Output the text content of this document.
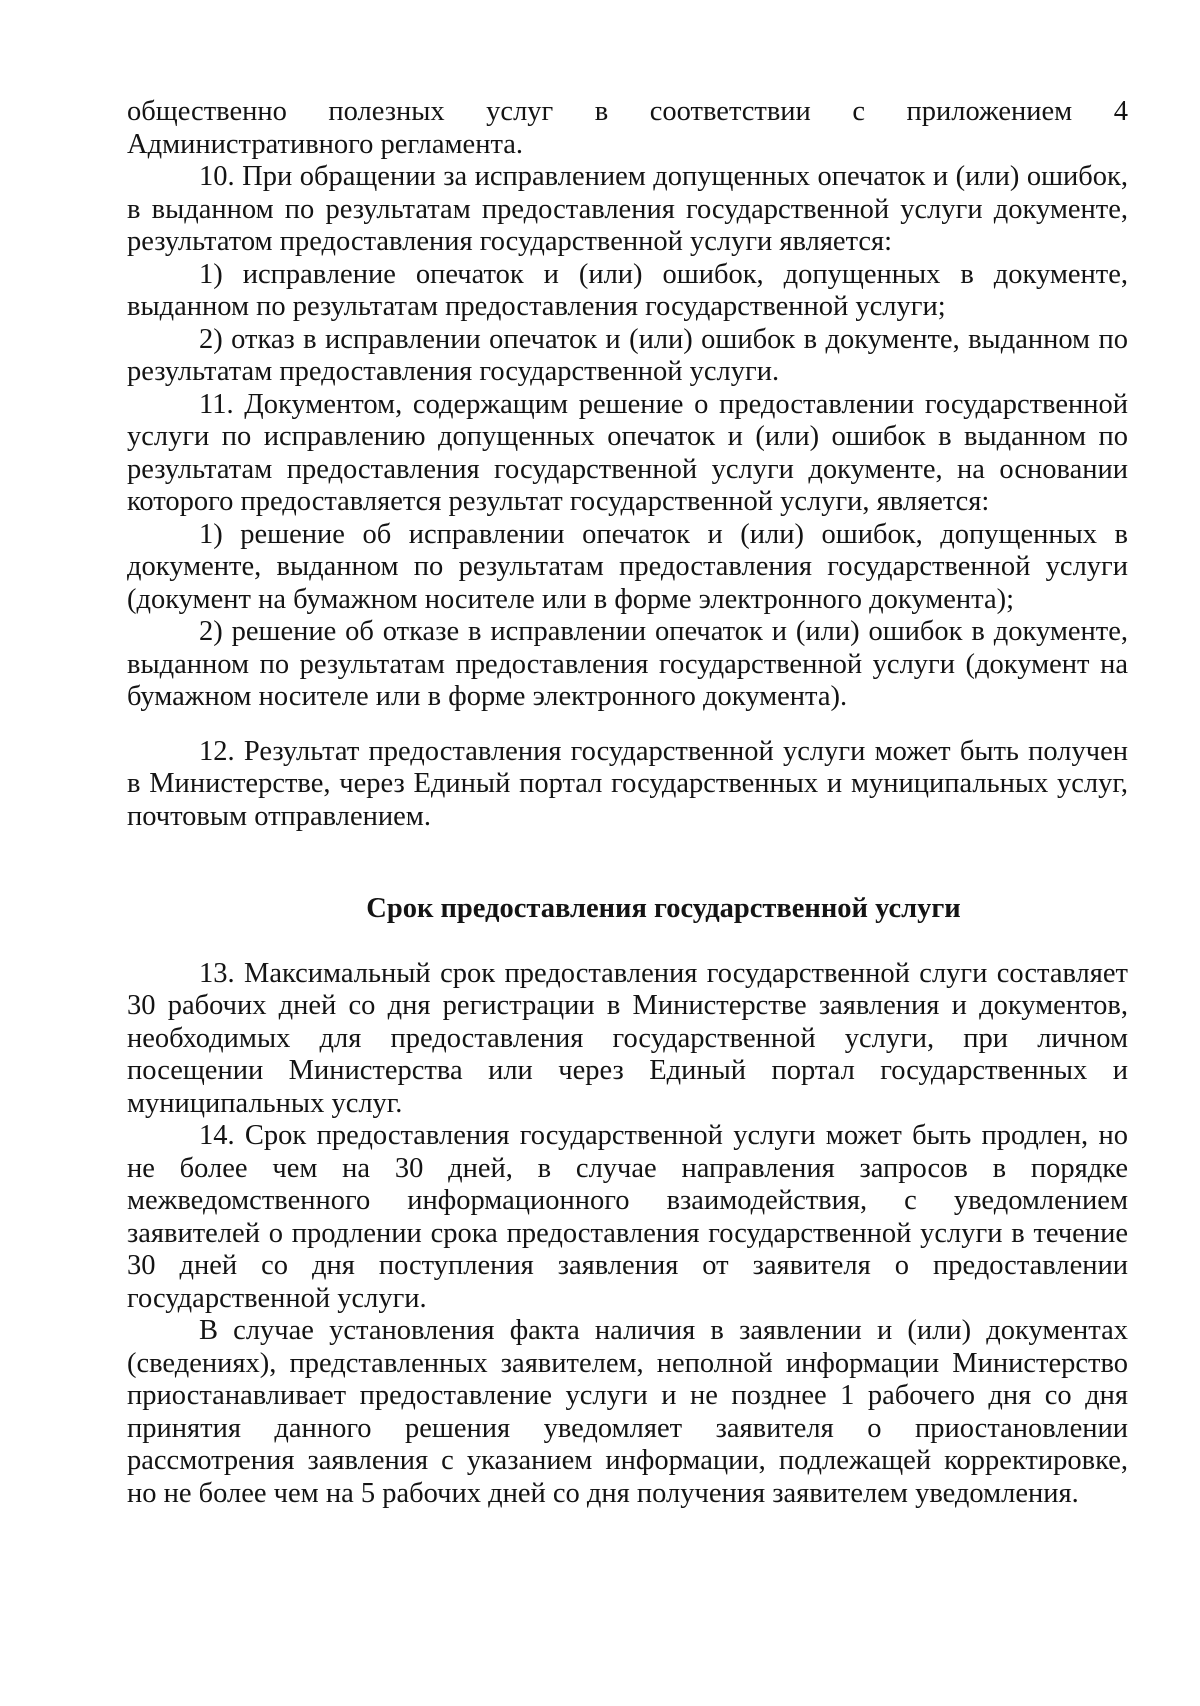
общественно полезных услуг в соответствии с приложением 4 Административного регламента.

10. При обращении за исправлением допущенных опечаток и (или) ошибок, в выданном по результатам предоставления государственной услуги документе, результатом предоставления государственной услуги является:

1) исправление опечаток и (или) ошибок, допущенных в документе, выданном по результатам предоставления государственной услуги;

2) отказ в исправлении опечаток и (или) ошибок в документе, выданном по результатам предоставления государственной услуги.

11. Документом, содержащим решение о предоставлении государственной услуги по исправлению допущенных опечаток и (или) ошибок в выданном по результатам предоставления государственной услуги документе, на основании которого предоставляется результат государственной услуги, является:

1) решение об исправлении опечаток и (или) ошибок, допущенных в документе, выданном по результатам предоставления государственной услуги (документ на бумажном носителе или в форме электронного документа);

2) решение об отказе в исправлении опечаток и (или) ошибок в документе, выданном по результатам предоставления государственной услуги (документ на бумажном носителе или в форме электронного документа).

12. Результат предоставления государственной услуги может быть получен в Министерстве, через Единый портал государственных и муниципальных услуг, почтовым отправлением.

Срок предоставления государственной услуги

13. Максимальный срок предоставления государственной слуги составляет 30 рабочих дней со дня регистрации в Министерстве заявления и документов, необходимых для предоставления государственной услуги, при личном посещении Министерства или через Единый портал государственных и муниципальных услуг.

14. Срок предоставления государственной услуги может быть продлен, но не более чем на 30 дней, в случае направления запросов в порядке межведомственного информационного взаимодействия, с уведомлением заявителей о продлении срока предоставления государственной услуги в течение 30 дней со дня поступления заявления от заявителя о предоставлении государственной услуги.

В случае установления факта наличия в заявлении и (или) документах (сведениях), представленных заявителем, неполной информации Министерство приостанавливает предоставление услуги и не позднее 1 рабочего дня со дня принятия данного решения уведомляет заявителя о приостановлении рассмотрения заявления с указанием информации, подлежащей корректировке, но не более чем на 5 рабочих дней со дня получения заявителем уведомления.
